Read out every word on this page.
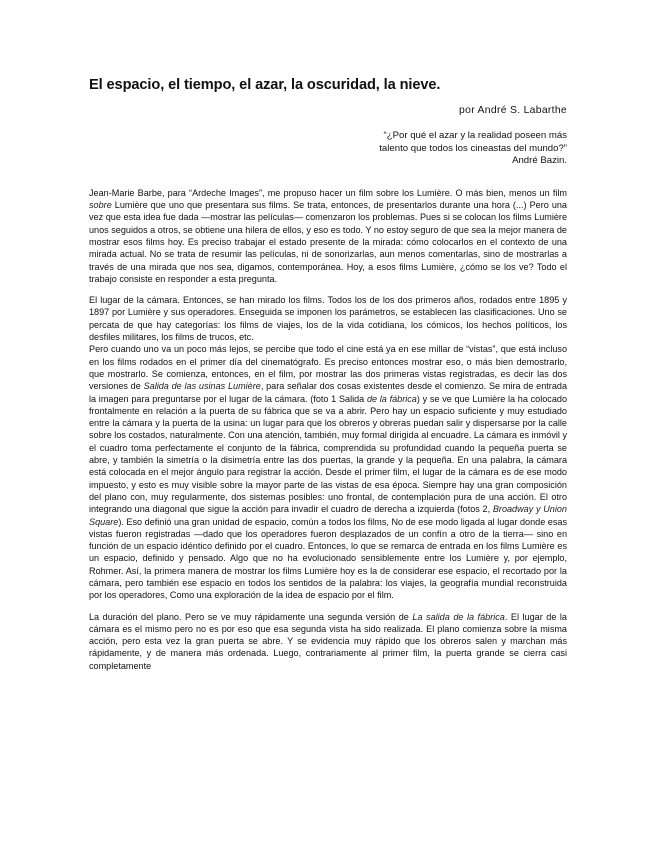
El espacio, el tiempo, el azar, la oscuridad, la nieve.
por André S. Labarthe
“¿Por qué el azar y la realidad poseen más
talento que todos los cineastas del mundo?”
André Bazin.

Jean-Marie Barbe, para “Ardeche Images”, me propuso hacer un film sobre los Lumière. O más bien, menos un film sobre Lumière que uno que presentara sus films. Se trata, entonces, de presentarlos durante una hora (...) Pero una vez que esta idea fue dada —mostrar las películas— comenzaron los problemas. Pues si se colocan los films Lumière unos seguidos a otros, se obtiene una hilera de ellos, y eso es todo. Y no estoy seguro de que sea la mejor manera de mostrar esos films hoy. Es preciso trabajar el estado presente de la mirada: cómo colocarlos en el contexto de una mirada actual. No se trata de resumir las películas, ni de sonorizarlas, aun menos comentarlas, sino de mostrarlas a través de una mirada que nos sea, digamos, contemporánea. Hoy, a esos films Lumière, ¿cómo se los ve? Todo el trabajo consiste en responder a esta pregunta.

El lugar de la cámara. Entonces, se han mirado los films. Todos los de los dos primeros años, rodados entre 1895 y 1897 por Lumière y sus operadores. Enseguida se imponen los parámetros, se establecen las clasificaciones. Uno se percata de que hay categorías: los films de viajes, los de la vida cotidiana, los cómicos, los hechos políticos, los desfiles militares, los films de trucos, etc.

Pero cuando uno va un poco más lejos, se percibe que todo el cine está ya en ese millar de “vistas”, que está incluso en los films rodados en el primer día del cinematógrafo. Es preciso entonces mostrar eso, o más bien demostrarlo, que mostrarlo. Se comienza, entonces, en el film, por mostrar las dos primeras vistas registradas, es decir las dos versiones de Salida de las usinas Lumière, para señalar dos cosas existentes desde el comienzo. Se mira de entrada la imagen para preguntarse por el lugar de la cámara. (foto 1 Salida de la fábrica) y se ve que Lumière la ha colocado frontalmente en relación a la puerta de su fábrica que se va a abrir. Pero hay un espacio suficiente y muy estudiado entre la cámara y la puerta de la usina: un lugar para que los obreros y obreras puedan salir y dispersarse por la calle sobre los costados, naturalmente. Con una atención, también, muy formal dirigida al encuadre. La cámara es inmóvil y el cuadro toma perfectamente el conjunto de la fábrica, comprendida su profundidad cuando la pequeña puerta se abre, y también la simetría o la disimetría entre las dos puertas, la grande y la pequeña. En una palabra, la cámara está colocada en el mejor ángulo para registrar la acción. Desde el primer film, el lugar de la cámara es de ese modo impuesto, y esto es muy visible sobre la mayor parte de las vistas de esa época. Siempre hay una gran composición del plano con, muy regularmente, dos sistemas posibles: uno frontal, de contemplación pura de una acción. El otro integrando una diagonal que sigue la acción para invadir el cuadro de derecha a izquierda (fotos 2, Broadway y Union Square). Eso definió una gran unidad de espacio, común a todos los films, No de ese modo ligada al lugar donde esas vistas fueron registradas —dado que los operadores fueron desplazados de un confín a otro de la tierra— sino en función de un espacio idéntico definido por el cuadro. Entonces, lo que se remarca de entrada en los films Lumière es un espacio, definido y pensado. Algo que no ha evolucionado sensiblemente entre los Lumière y, por ejemplo, Rohmer. Así, la primera manera de mostrar los films Lumière hoy es la de considerar ese espacio, el recortado por la cámara, pero también ese espacio en todos los sentidos de la palabra: los viajes, la geografía mundial reconstruida por los operadores, Como una exploración de la idea de espacio por el film.

La duración del plano. Pero se ve muy rápidamente una segunda versión de La salida de la fábrica. El lugar de la cámara es el mismo pero no es por eso que esa segunda vista ha sido realizada. El plano comienza sobre la misma acción, pero esta vez la gran puerta se abre. Y se evidencia muy rápido que los obreros salen y marchan más rápidamente, y de manera más ordenada. Luego, contrariamente al primer film, la puerta grande se cierra casi completamente
